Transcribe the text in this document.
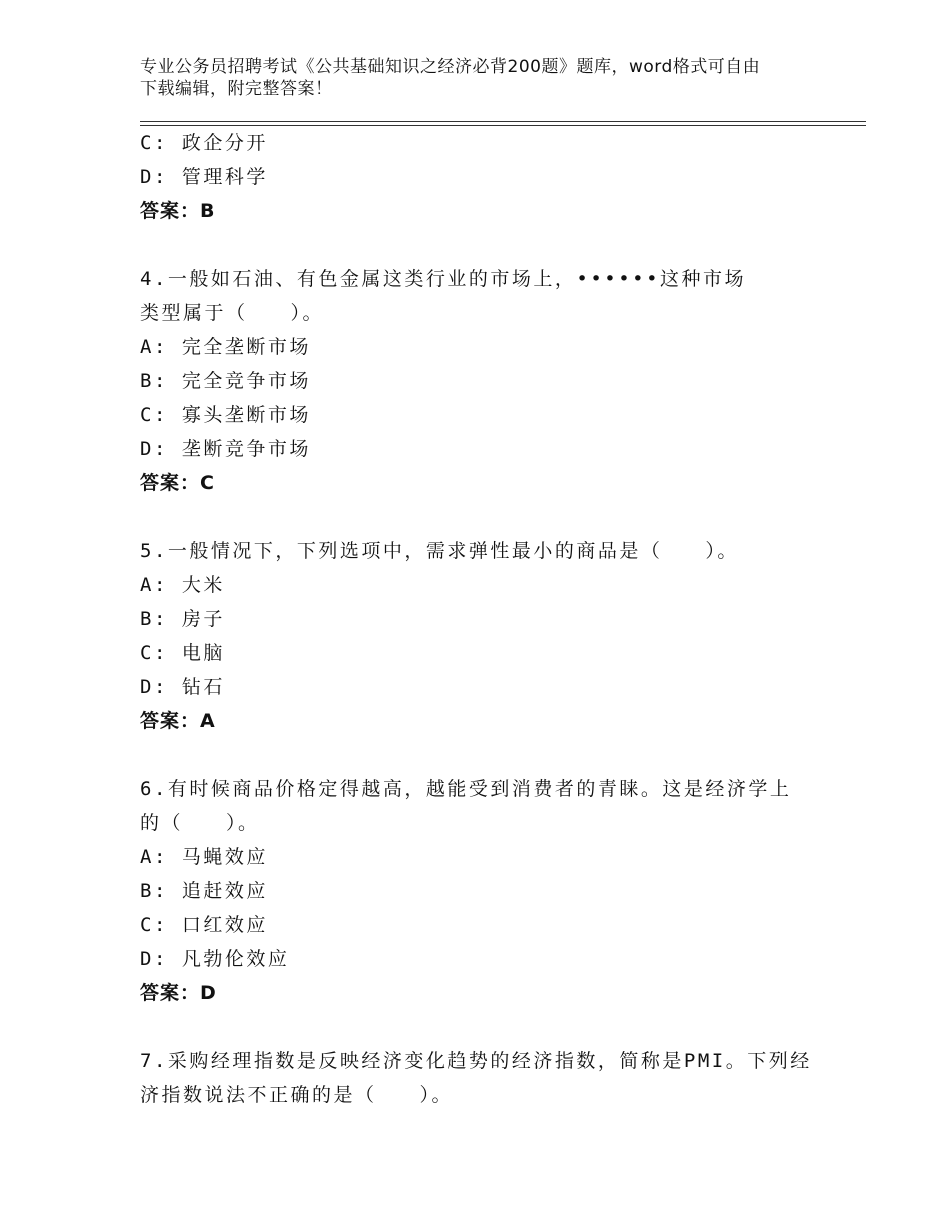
专业公务员招聘考试《公共基础知识之经济必背200题》题库，word格式可自由
下载编辑，附完整答案！
C: 政企分开
D: 管理科学
答案：B
4.一般如石油、有色金属这类行业的市场上，••••••这种市场
类型属于（　　）。
A: 完全垄断市场
B: 完全竞争市场
C: 寡头垄断市场
D: 垄断竞争市场
答案：C
5.一般情况下，下列选项中，需求弹性最小的商品是（　　）。
A: 大米
B: 房子
C: 电脑
D: 钻石
答案：A
6.有时候商品价格定得越高，越能受到消费者的青睐。这是经济学上
的（　　）。
A: 马蝇效应
B: 追赶效应
C: 口红效应
D: 凡勃伦效应
答案：D
7.采购经理指数是反映经济变化趋势的经济指数，简称是PMI。下列经
济指数说法不正确的是（　　）。
